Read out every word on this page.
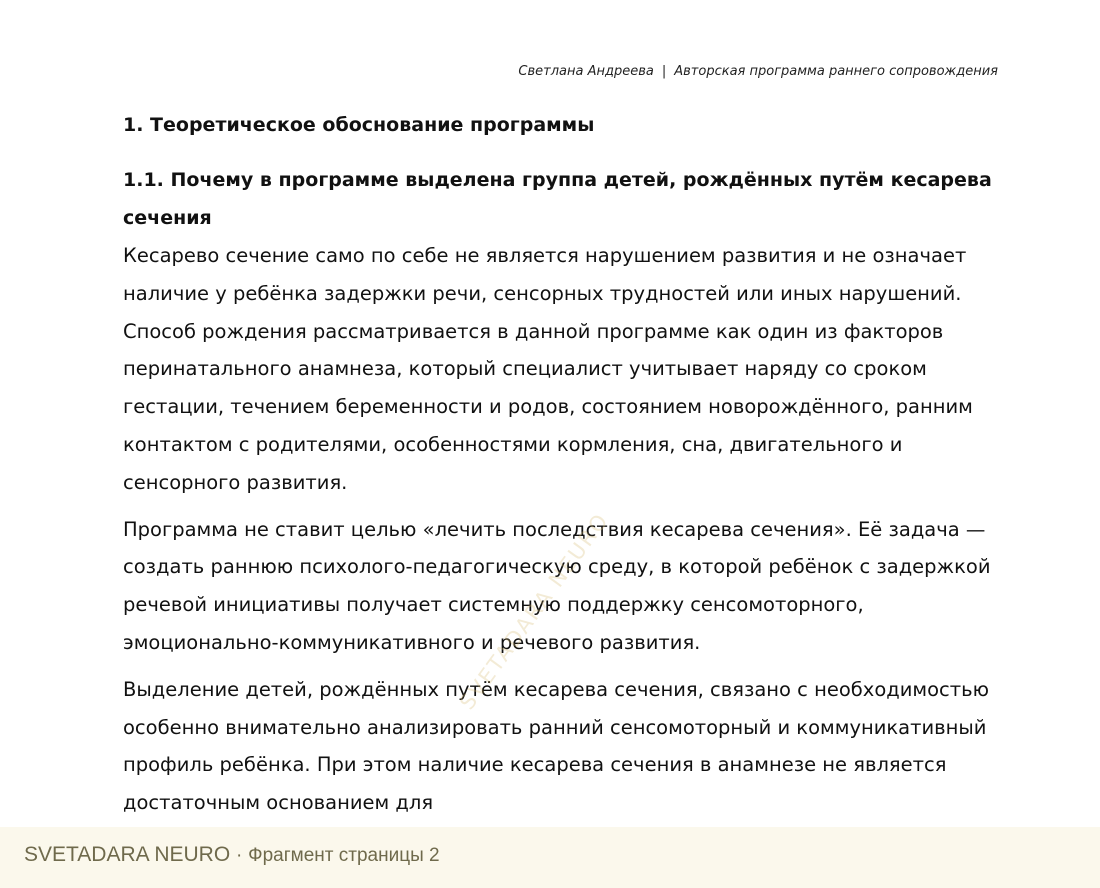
Светлана Андреева | Авторская программа раннего сопровождения
1. Теоретическое обоснование программы
1.1. Почему в программе выделена группа детей, рождённых путём кесарева сечения

Кесарево сечение само по себе не является нарушением развития и не означает наличие у ребёнка задержки речи, сенсорных трудностей или иных нарушений. Способ рождения рассматривается в данной программе как один из факторов перинатального анамнеза, который специалист учитывает наряду со сроком гестации, течением беременности и родов, состоянием новорождённого, ранним контактом с родителями, особенностями кормления, сна, двигательного и сенсорного развития.

Программа не ставит целью «лечить последствия кесарева сечения». Её задача — создать раннюю психолого-педагогическую среду, в которой ребёнок с задержкой речевой инициативы получает системную поддержку сенсомоторного, эмоционально-коммуникативного и речевого развития.

Выделение детей, рождённых путём кесарева сечения, связано с необходимостью особенно внимательно анализировать ранний сенсомоторный и коммуникативный профиль ребёнка. При этом наличие кесарева сечения в анамнезе не является достаточным основанием для

SVETADARA NEURO
SVETADARA NEURO · Фрагмент страницы 2
